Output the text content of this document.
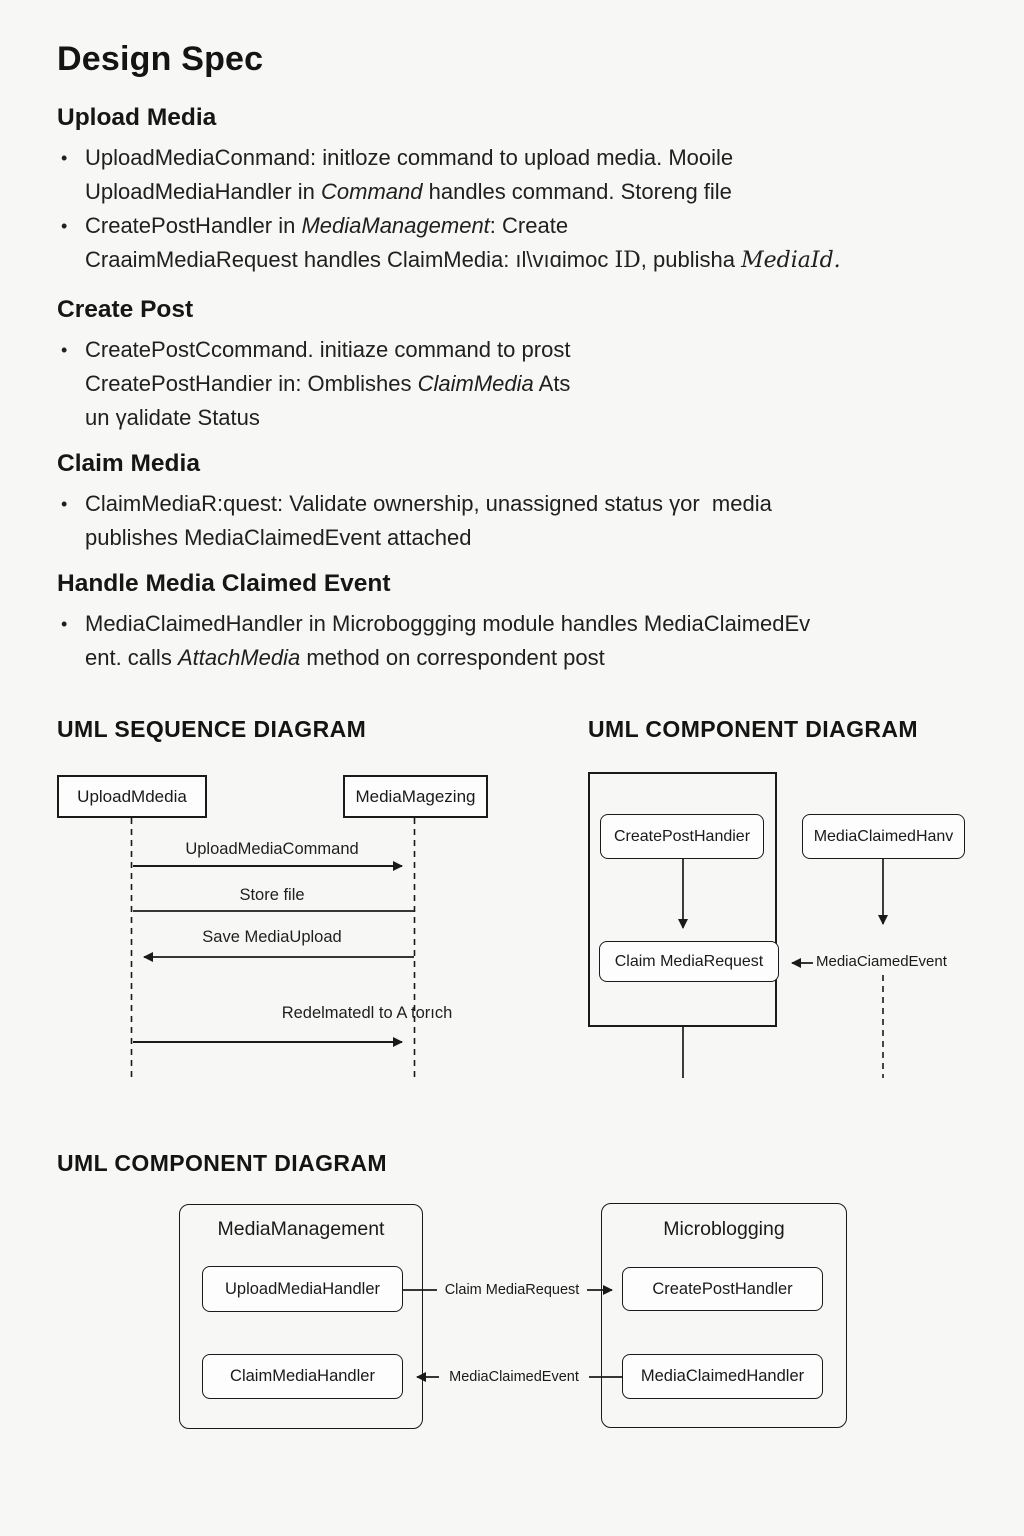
Design Spec
Upload Media
• UploadMediaConmand: initloze command to upload media. Mooile
UploadMediaHandler in Command handles command. Storeng file
• CreatePostHandler in MediaManagement: Create
CraaimMediaRequest handles ClaimMedia: ıl\vıɑimoc ID, publisha MediaId.
Create Post
• CreatePostCcommand. initiaze command to prost
CreatePostHandier in: Omblishes ClaimMedia Ats
un γalidate Status
Claim Media
• ClaimMediaR:quest: Validate ownership, unassigned status γor  media
publishes MediaClaimedEvent attached
Handle Media Claimed Event
• MediaClaimedHandler in Microboggging module handles MediaClaimedEv
ent. calls AttachMedia method on correspondent post
UML SEQUENCE DIAGRAM
UploadMdedia	MediaMagezing
UploadMediaCommand
Store file
Save MediaUpload
Redelmatedl to A torıch
UML COMPONENT DIAGRAM
CreatePostHandier
Claim MediaRequest
MediaClaimedHanv
MediaCiamedEvent
UML COMPONENT DIAGRAM
MediaManagement
UploadMediaHandler
ClaimMediaHandler
Microblogging
CreatePostHandler
MediaClaimedHandler
Claim MediaRequest
MediaClaimedEvent
